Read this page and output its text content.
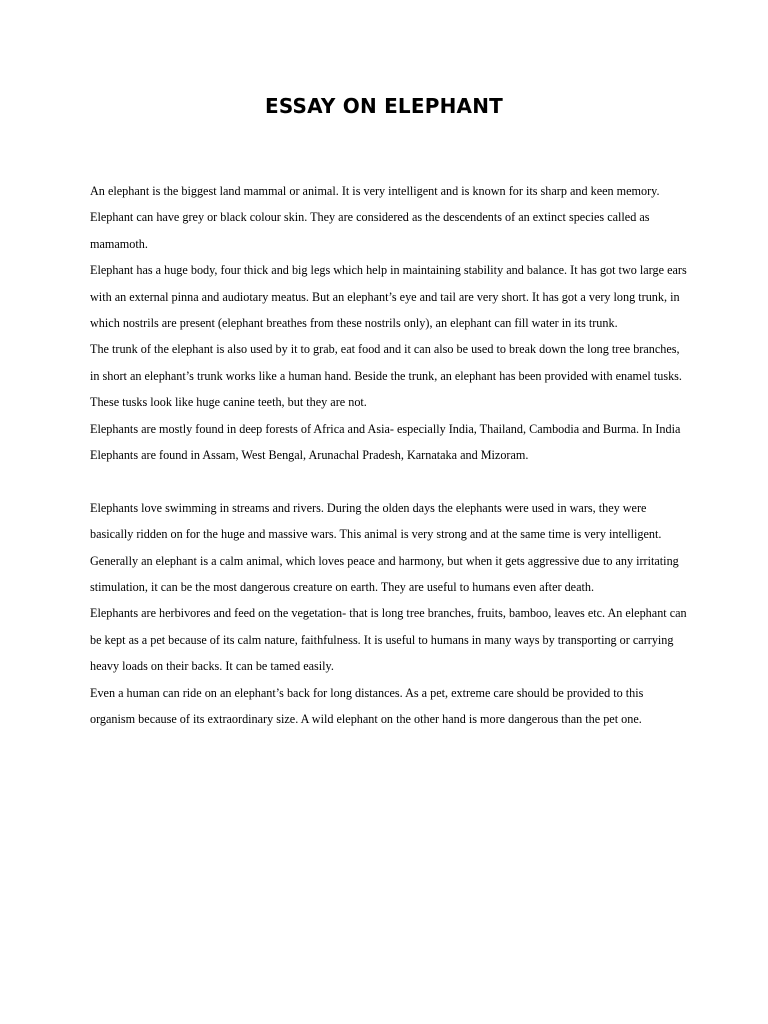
ESSAY ON ELEPHANT

An elephant is the biggest land mammal or animal. It is very intelligent and is known for its sharp and keen memory. Elephant can have grey or black colour skin. They are considered as the descendents of an extinct species called as mamamoth.

Elephant has a huge body, four thick and big legs which help in maintaining stability and balance. It has got two large ears with an external pinna and audiotary meatus. But an elephant’s eye and tail are very short. It has got a very long trunk, in which nostrils are present (elephant breathes from these nostrils only), an elephant can fill water in its trunk.

The trunk of the elephant is also used by it to grab, eat food and it can also be used to break down the long tree branches, in short an elephant’s trunk works like a human hand. Beside the trunk, an elephant has been provided with enamel tusks. These tusks look like huge canine teeth, but they are not.

Elephants are mostly found in deep forests of Africa and Asia- especially India, Thailand, Cambodia and Burma. In India Elephants are found in Assam, West Bengal, Arunachal Pradesh, Karnataka and Mizoram.

Elephants love swimming in streams and rivers. During the olden days the elephants were used in wars, they were basically ridden on for the huge and massive wars. This animal is very strong and at the same time is very intelligent.

Generally an elephant is a calm animal, which loves peace and harmony, but when it gets aggressive due to any irritating stimulation, it can be the most dangerous creature on earth. They are useful to humans even after death.

Elephants are herbivores and feed on the vegetation- that is long tree branches, fruits, bamboo, leaves etc. An elephant can be kept as a pet because of its calm nature, faithfulness. It is useful to humans in many ways by transporting or carrying heavy loads on their backs. It can be tamed easily.

Even a human can ride on an elephant’s back for long distances. As a pet, extreme care should be provided to this organism because of its extraordinary size. A wild elephant on the other hand is more dangerous than the pet one.
